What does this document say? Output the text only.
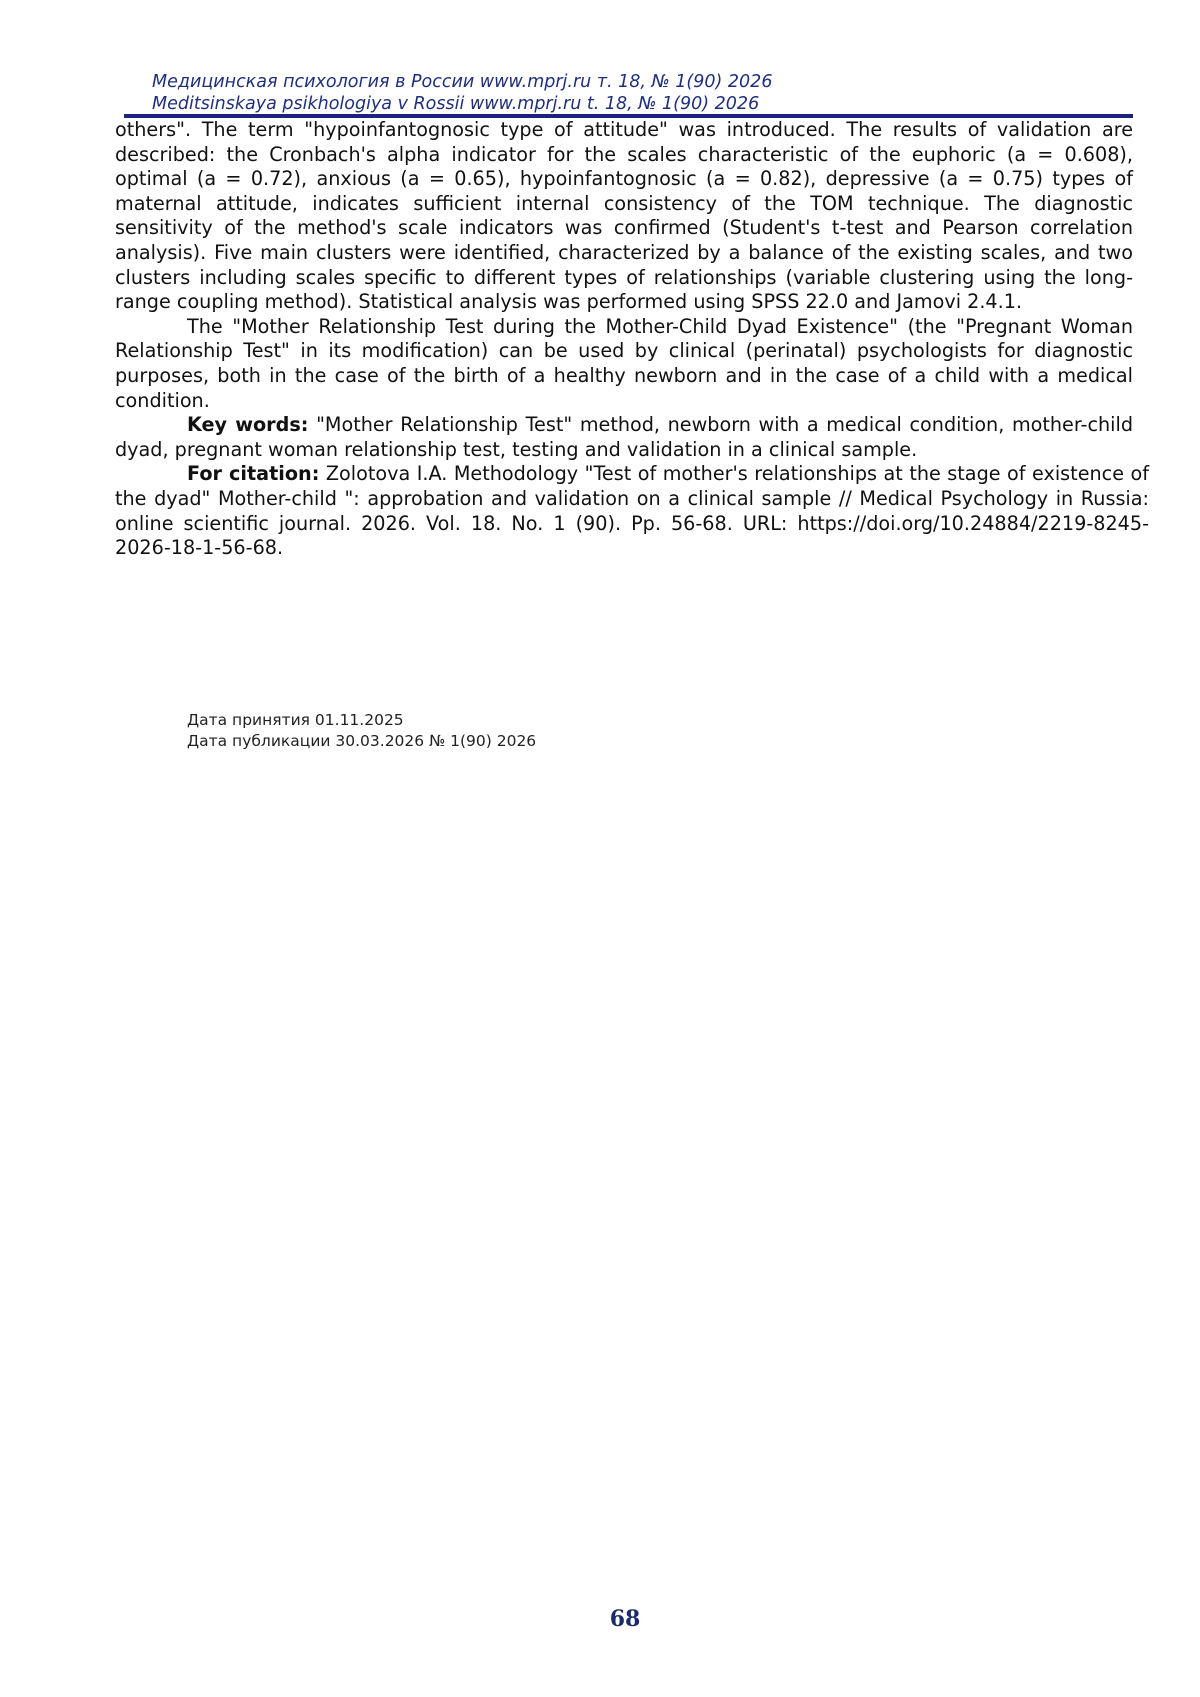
Медицинская психология в России www.mprj.ru т. 18, № 1(90) 2026
Meditsinskaya psikhologiya v Rossii www.mprj.ru t. 18, № 1(90) 2026

others". The term "hypoinfantognosic type of attitude" was introduced. The results of validation are described: the Cronbach's alpha indicator for the scales characteristic of the euphoric (a = 0.608), optimal (a = 0.72), anxious (a = 0.65), hypoinfantognosic (a = 0.82), depressive (a = 0.75) types of maternal attitude, indicates sufficient internal consistency of the TOM technique. The diagnostic sensitivity of the method's scale indicators was confirmed (Student's t-test and Pearson correlation analysis). Five main clusters were identified, characterized by a balance of the existing scales, and two clusters including scales specific to different types of relationships (variable clustering using the long-range coupling method). Statistical analysis was performed using SPSS 22.0 and Jamovi 2.4.1.

The "Mother Relationship Test during the Mother-Child Dyad Existence" (the "Pregnant Woman Relationship Test" in its modification) can be used by clinical (perinatal) psychologists for diagnostic purposes, both in the case of the birth of a healthy newborn and in the case of a child with a medical condition.

Key words: "Mother Relationship Test" method, newborn with a medical condition, mother-child dyad, pregnant woman relationship test, testing and validation in a clinical sample.

For citation: Zolotova I.A. Methodology "Test of mother's relationships at the stage of existence of the dyad" Mother-child ": approbation and validation on a clinical sample // Medical Psychology in Russia: online scientific journal. 2026. Vol. 18. No. 1 (90). Pp. 56-68. URL: https://doi.org/10.24884/2219-8245-2026-18-1-56-68.

Дата принятия 01.11.2025
Дата публикации 30.03.2026 № 1(90) 2026
68
